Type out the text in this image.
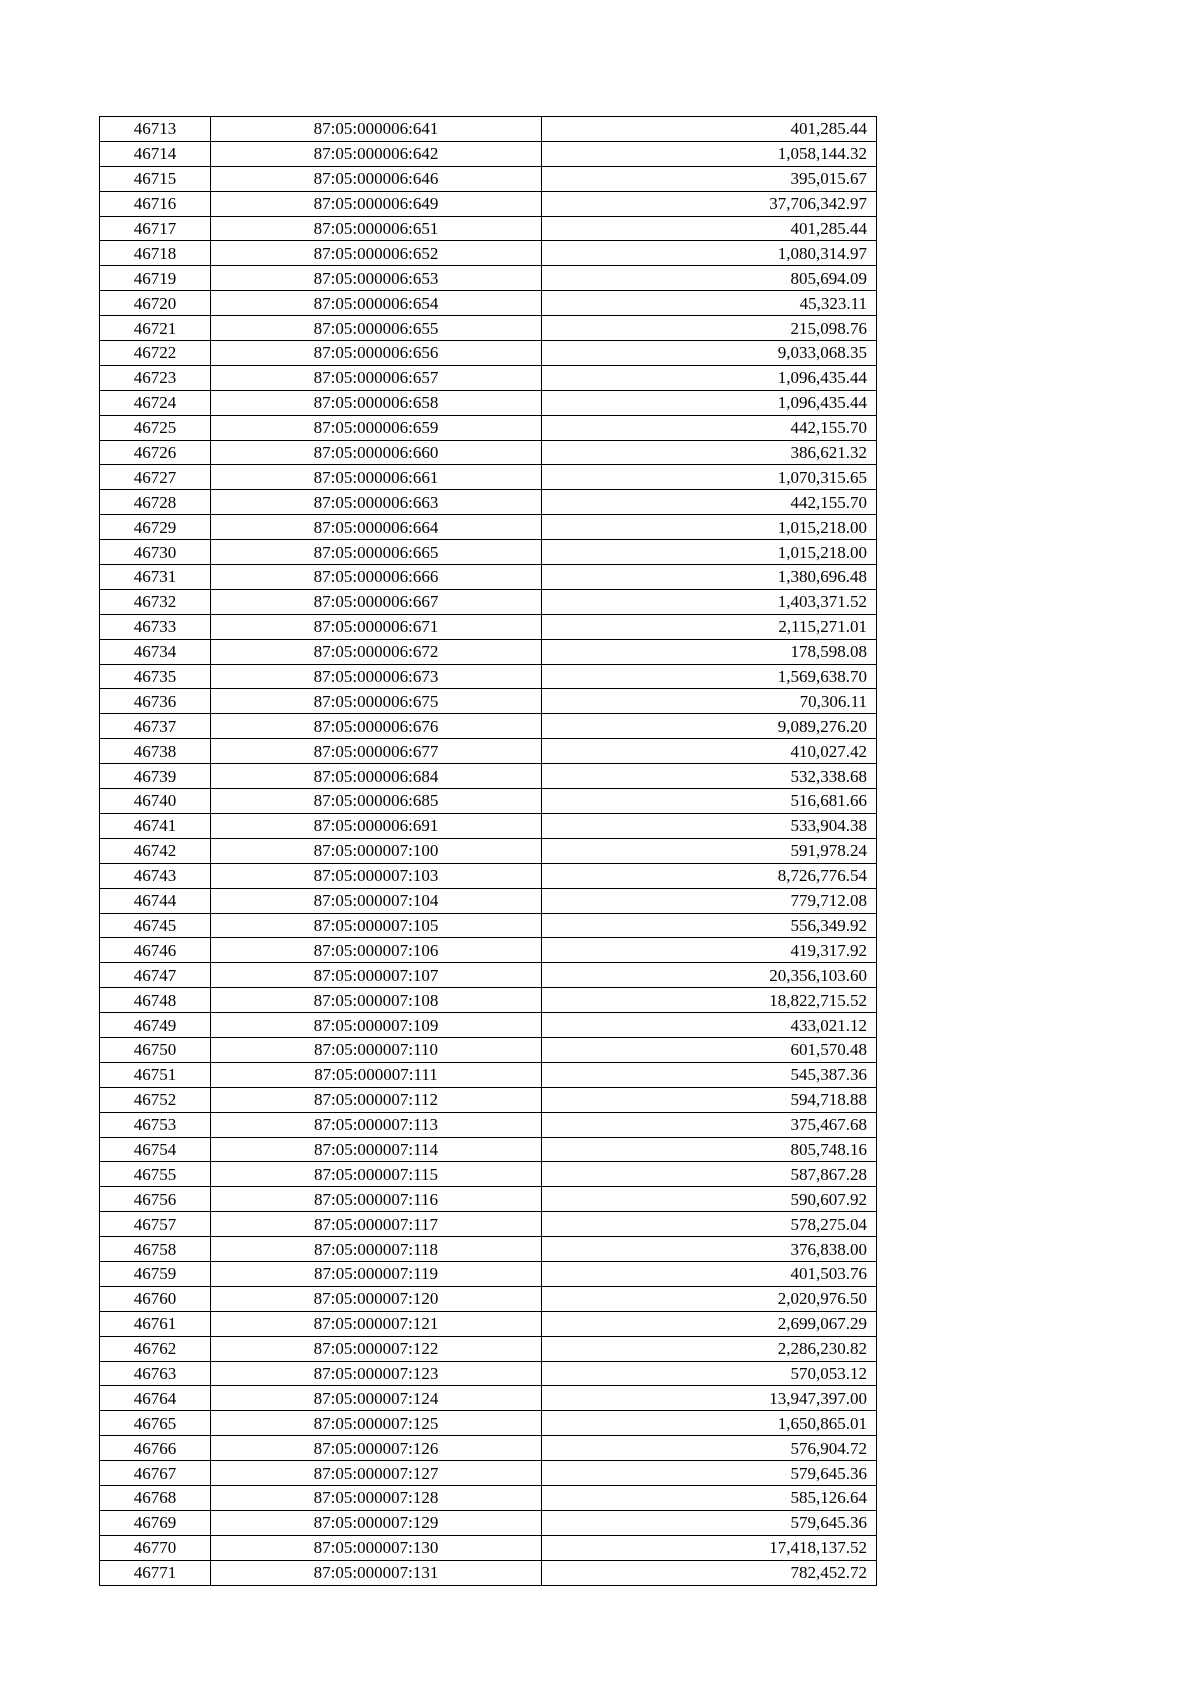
46713	87:05:000006:641	401,285.44
46714	87:05:000006:642	1,058,144.32
46715	87:05:000006:646	395,015.67
46716	87:05:000006:649	37,706,342.97
46717	87:05:000006:651	401,285.44
46718	87:05:000006:652	1,080,314.97
46719	87:05:000006:653	805,694.09
46720	87:05:000006:654	45,323.11
46721	87:05:000006:655	215,098.76
46722	87:05:000006:656	9,033,068.35
46723	87:05:000006:657	1,096,435.44
46724	87:05:000006:658	1,096,435.44
46725	87:05:000006:659	442,155.70
46726	87:05:000006:660	386,621.32
46727	87:05:000006:661	1,070,315.65
46728	87:05:000006:663	442,155.70
46729	87:05:000006:664	1,015,218.00
46730	87:05:000006:665	1,015,218.00
46731	87:05:000006:666	1,380,696.48
46732	87:05:000006:667	1,403,371.52
46733	87:05:000006:671	2,115,271.01
46734	87:05:000006:672	178,598.08
46735	87:05:000006:673	1,569,638.70
46736	87:05:000006:675	70,306.11
46737	87:05:000006:676	9,089,276.20
46738	87:05:000006:677	410,027.42
46739	87:05:000006:684	532,338.68
46740	87:05:000006:685	516,681.66
46741	87:05:000006:691	533,904.38
46742	87:05:000007:100	591,978.24
46743	87:05:000007:103	8,726,776.54
46744	87:05:000007:104	779,712.08
46745	87:05:000007:105	556,349.92
46746	87:05:000007:106	419,317.92
46747	87:05:000007:107	20,356,103.60
46748	87:05:000007:108	18,822,715.52
46749	87:05:000007:109	433,021.12
46750	87:05:000007:110	601,570.48
46751	87:05:000007:111	545,387.36
46752	87:05:000007:112	594,718.88
46753	87:05:000007:113	375,467.68
46754	87:05:000007:114	805,748.16
46755	87:05:000007:115	587,867.28
46756	87:05:000007:116	590,607.92
46757	87:05:000007:117	578,275.04
46758	87:05:000007:118	376,838.00
46759	87:05:000007:119	401,503.76
46760	87:05:000007:120	2,020,976.50
46761	87:05:000007:121	2,699,067.29
46762	87:05:000007:122	2,286,230.82
46763	87:05:000007:123	570,053.12
46764	87:05:000007:124	13,947,397.00
46765	87:05:000007:125	1,650,865.01
46766	87:05:000007:126	576,904.72
46767	87:05:000007:127	579,645.36
46768	87:05:000007:128	585,126.64
46769	87:05:000007:129	579,645.36
46770	87:05:000007:130	17,418,137.52
46771	87:05:000007:131	782,452.72
